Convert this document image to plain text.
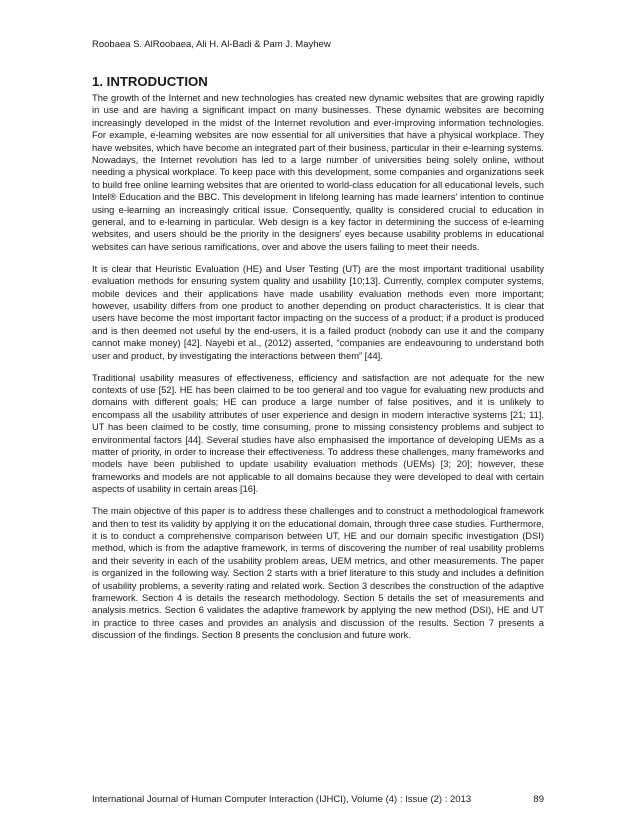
Roobaea S. AlRoobaea, Ali H. Al-Badi & Pam J. Mayhew
1. INTRODUCTION

The growth of the Internet and new technologies has created new dynamic websites that are growing rapidly in use and are having a significant impact on many businesses. These dynamic websites are becoming increasingly developed in the midst of the Internet revolution and ever-improving information technologies. For example, e-learning websites are now essential for all universities that have a physical workplace. They have websites, which have become an integrated part of their business, particular in their e-learning systems. Nowadays, the Internet revolution has led to a large number of universities being solely online, without needing a physical workplace. To keep pace with this development, some companies and organizations seek to build free online learning websites that are oriented to world-class education for all educational levels, such Intel® Education and the BBC. This development in lifelong learning has made learners’ intention to continue using e-learning an increasingly critical issue. Consequently, quality is considered crucial to education in general, and to e-learning in particular. Web design is a key factor in determining the success of e-learning websites, and users should be the priority in the designers’ eyes because usability problems in educational websites can have serious ramifications, over and above the users failing to meet their needs.

It is clear that Heuristic Evaluation (HE) and User Testing (UT) are the most important traditional usability evaluation methods for ensuring system quality and usability [10;13]. Currently, complex computer systems, mobile devices and their applications have made usability evaluation methods even more important; however, usability differs from one product to another depending on product characteristics. It is clear that users have become the most important factor impacting on the success of a product; if a product is produced and is then deemed not useful by the end-users, it is a failed product (nobody can use it and the company cannot make money) [42]. Nayebi et al., (2012) asserted, “companies are endeavouring to understand both user and product, by investigating the interactions between them” [44].

Traditional usability measures of effectiveness, efficiency and satisfaction are not adequate for the new contexts of use [52]. HE has been claimed to be too general and too vague for evaluating new products and domains with different goals; HE can produce a large number of false positives, and it is unlikely to encompass all the usability attributes of user experience and design in modern interactive systems [21; 11]. UT has been claimed to be costly, time consuming, prone to missing consistency problems and subject to environmental factors [44]. Several studies have also emphasised the importance of developing UEMs as a matter of priority, in order to increase their effectiveness. To address these challenges, many frameworks and models have been published to update usability evaluation methods (UEMs) [3; 20]; however, these frameworks and models are not applicable to all domains because they were developed to deal with certain aspects of usability in certain areas [16].

The main objective of this paper is to address these challenges and to construct a methodological framework and then to test its validity by applying it on the educational domain, through three case studies. Furthermore, it is to conduct a comprehensive comparison between UT, HE and our domain specific investigation (DSI) method, which is from the adaptive framework, in terms of discovering the number of real usability problems and their severity in each of the usability problem areas, UEM metrics, and other measurements. The paper is organized in the following way. Section 2 starts with a brief literature to this study and includes a definition of usability problems, a severity rating and related work. Section 3 describes the construction of the adaptive framework. Section 4 is details the research methodology. Section 5 details the set of measurements and analysis metrics. Section 6 validates the adaptive framework by applying the new method (DSI), HE and UT in practice to three cases and provides an analysis and discussion of the results. Section 7 presents a discussion of the findings. Section 8 presents the conclusion and future work.

International Journal of Human Computer Interaction (IJHCI), Volume (4) : Issue (2) : 2013	89
